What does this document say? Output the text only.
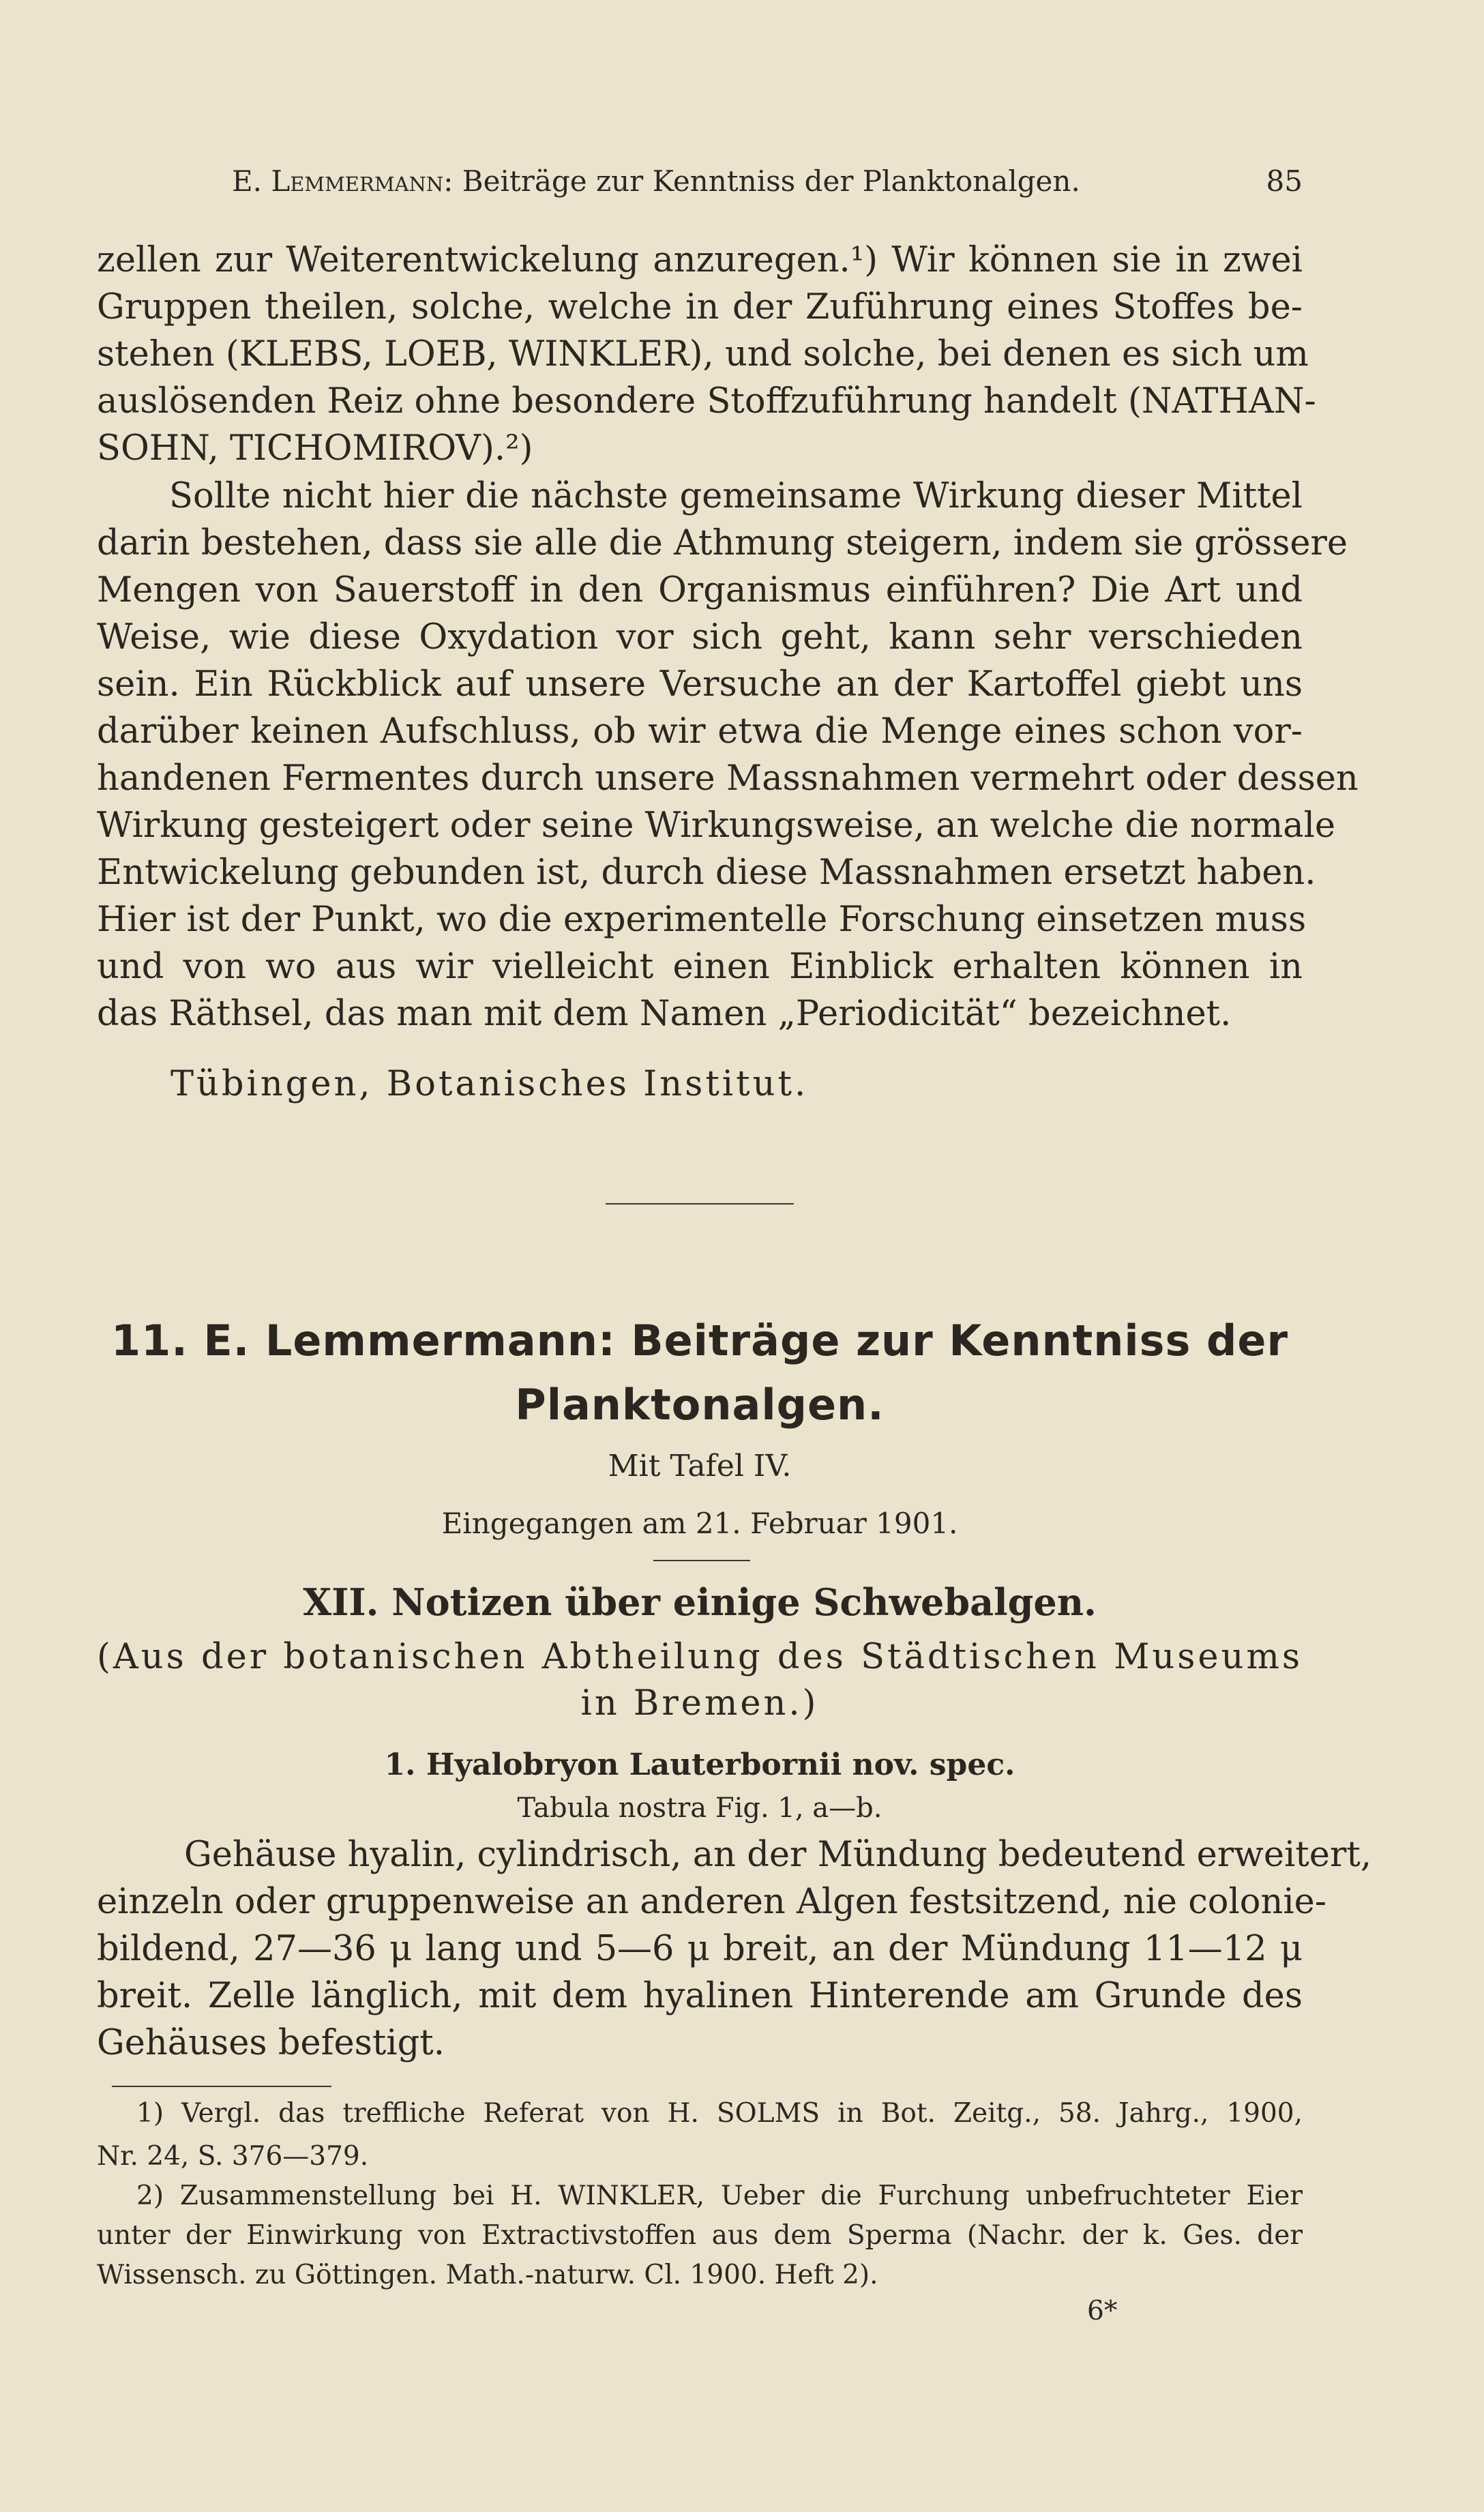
E. Lemmermann: Beiträge zur Kenntniss der Planktonalgen.	85
zellen zur Weiterentwickelung anzuregen.¹) Wir können sie in zwei
Gruppen theilen, solche, welche in der Zuführung eines Stoffes be-
stehen (KLEBS, LOEB, WINKLER), und solche, bei denen es sich um
auslösenden Reiz ohne besondere Stoffzuführung handelt (NATHAN-
SOHN, TICHOMIROV).²)
Sollte nicht hier die nächste gemeinsame Wirkung dieser Mittel
darin bestehen, dass sie alle die Athmung steigern, indem sie grössere
Mengen von Sauerstoff in den Organismus einführen? Die Art und
Weise, wie diese Oxydation vor sich geht, kann sehr verschieden
sein. Ein Rückblick auf unsere Versuche an der Kartoffel giebt uns
darüber keinen Aufschluss, ob wir etwa die Menge eines schon vor-
handenen Fermentes durch unsere Massnahmen vermehrt oder dessen
Wirkung gesteigert oder seine Wirkungsweise, an welche die normale
Entwickelung gebunden ist, durch diese Massnahmen ersetzt haben.
Hier ist der Punkt, wo die experimentelle Forschung einsetzen muss
und von wo aus wir vielleicht einen Einblick erhalten können in
das Räthsel, das man mit dem Namen „Periodicität“ bezeichnet.
Tübingen, Botanisches Institut.
11. E. Lemmermann: Beiträge zur Kenntniss der
Planktonalgen.
Mit Tafel IV.
Eingegangen am 21. Februar 1901.
XII. Notizen über einige Schwebalgen.
(Aus der botanischen Abtheilung des Städtischen Museums
in Bremen.)
1. Hyalobryon Lauterbornii nov. spec.
Tabula nostra Fig. 1, a—b.
Gehäuse hyalin, cylindrisch, an der Mündung bedeutend erweitert,
einzeln oder gruppenweise an anderen Algen festsitzend, nie colonie-
bildend, 27—36 μ lang und 5—6 μ breit, an der Mündung 11—12 μ
breit. Zelle länglich, mit dem hyalinen Hinterende am Grunde des
Gehäuses befestigt.
1) Vergl. das treffliche Referat von H. SOLMS in Bot. Zeitg., 58. Jahrg., 1900,
Nr. 24, S. 376—379.
2) Zusammenstellung bei H. WINKLER, Ueber die Furchung unbefruchteter Eier
unter der Einwirkung von Extractivstoffen aus dem Sperma (Nachr. der k. Ges. der
Wissensch. zu Göttingen. Math.-naturw. Cl. 1900. Heft 2).
6*
